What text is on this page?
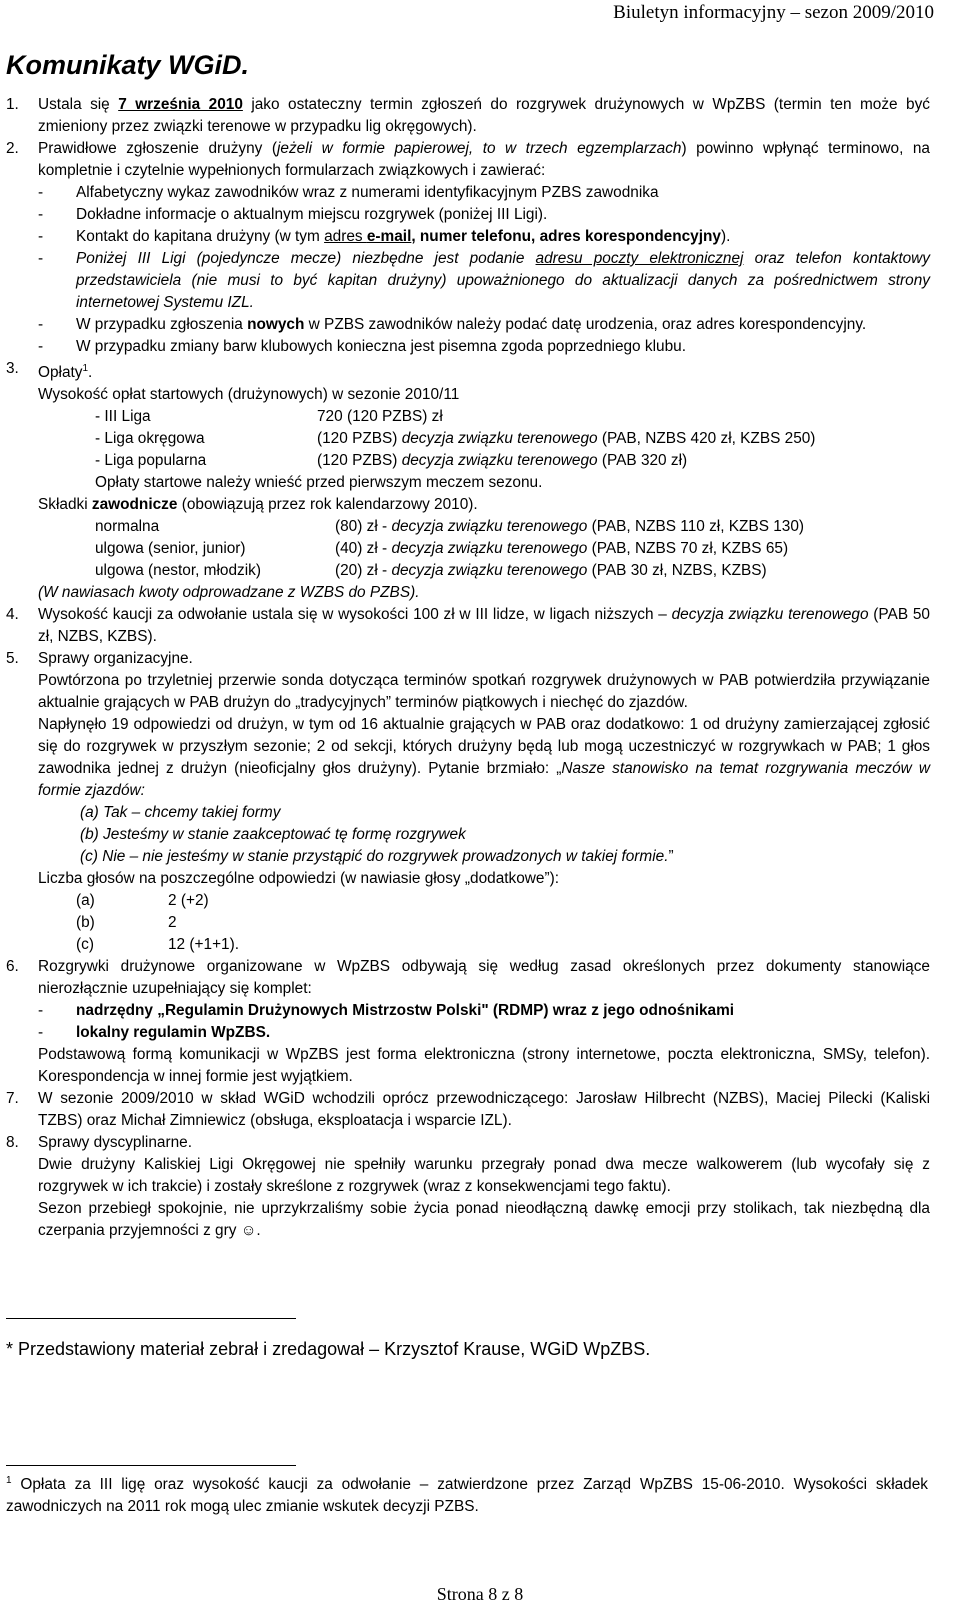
Biuletyn informacyjny – sezon 2009/2010
Komunikaty WGiD.
1. Ustala się 7 września 2010 jako ostateczny termin zgłoszeń do rozgrywek drużynowych w WpZBS (termin ten może być zmieniony przez związki terenowe w przypadku lig okręgowych).
2. Prawidłowe zgłoszenie drużyny (jeżeli w formie papierowej, to w trzech egzemplarzach) powinno wpłynąć terminowo, na kompletnie i czytelnie wypełnionych formularzach związkowych i zawierać:

- Alfabetyczny wykaz zawodników wraz z numerami identyfikacyjnym PZBS zawodnika
- Dokładne informacje o aktualnym miejscu rozgrywek (poniżej III Ligi).
- Kontakt do kapitana drużyny (w tym adres e-mail, numer telefonu, adres korespondencyjny).
- Poniżej III Ligi (pojedyncze mecze) niezbędne jest podanie adresu poczty elektronicznej oraz telefon kontaktowy przedstawiciela (nie musi to być kapitan drużyny) upoważnionego do aktualizacji danych za pośrednictwem strony internetowej Systemu IZL.
- W przypadku zgłoszenia nowych w PZBS zawodników należy podać datę urodzenia, oraz adres korespondencyjny.
- W przypadku zmiany barw klubowych konieczna jest pisemna zgoda poprzedniego klubu.
3. Opłaty$^1$.

Wysokość opłat startowych (drużynowych) w sezonie 2010/11

- III Liga	720 (120 PZBS) zł
- Liga okręgowa	(120 PZBS) decyzja związku terenowego (PAB, NZBS 420 zł, KZBS 250)
- Liga popularna	(120 PZBS) decyzja związku terenowego (PAB 320 zł)

Opłaty startowe należy wnieść przed pierwszym meczem sezonu.

Składki zawodnicze (obowiązują przez rok kalendarzowy 2010).

normalna	(80) zł - decyzja związku terenowego (PAB, NZBS 110 zł, KZBS 130)
ulgowa (senior, junior)	(40) zł - decyzja związku terenowego (PAB, NZBS 70 zł, KZBS 65)
ulgowa (nestor, młodzik)	(20) zł - decyzja związku terenowego (PAB 30 zł, NZBS, KZBS)

(W nawiasach kwoty odprowadzane z WZBS do PZBS).

4. Wysokość kaucji za odwołanie ustala się w wysokości 100 zł w III lidze, w ligach niższych – decyzja związku terenowego (PAB 50 zł, NZBS, KZBS).
5. Sprawy organizacyjne.

Powtórzona po trzyletniej przerwie sonda dotycząca terminów spotkań rozgrywek drużynowych w PAB potwierdziła przywiązanie aktualnie grających w PAB drużyn do „tradycyjnych” terminów piątkowych i niechęć do zjazdów.

Napłynęło 19 odpowiedzi od drużyn, w tym od 16 aktualnie grających w PAB oraz dodatkowo: 1 od drużyny zamierzającej zgłosić się do rozgrywek w przyszłym sezonie; 2 od sekcji, których drużyny będą lub mogą uczestniczyć w rozgrywkach w PAB; 1 głos zawodnika jednej z drużyn (nieoficjalny głos drużyny). Pytanie brzmiało: „Nasze stanowisko na temat rozgrywania meczów w formie zjazdów:

(a) Tak – chcemy takiej formy

(b) Jesteśmy w stanie zaakceptować tę formę rozgrywek

(c) Nie – nie jesteśmy w stanie przystąpić do rozgrywek prowadzonych w takiej formie.”

Liczba głosów na poszczególne odpowiedzi (w nawiasie głosy „dodatkowe”):

(a)	2 (+2)
(b)	2
(c)	12 (+1+1).
6. Rozgrywki drużynowe organizowane w WpZBS odbywają się według zasad określonych przez dokumenty stanowiące nierozłącznie uzupełniający się komplet:

- nadrzędny „Regulamin Drużynowych Mistrzostw Polski" (RDMP) wraz z jego odnośnikami
- lokalny regulamin WpZBS.

Podstawową formą komunikacji w WpZBS jest forma elektroniczna (strony internetowe, poczta elektroniczna, SMSy, telefon). Korespondencja w innej formie jest wyjątkiem.

7. W sezonie 2009/2010 w skład WGiD wchodzili oprócz przewodniczącego: Jarosław Hilbrecht (NZBS), Maciej Pilecki (Kaliski TZBS) oraz Michał Zimniewicz (obsługa, eksploatacja i wsparcie IZL).

8. Sprawy dyscyplinarne.

Dwie drużyny Kaliskiej Ligi Okręgowej nie spełniły warunku przegrały ponad dwa mecze walkowerem (lub wycofały się z rozgrywek w ich trakcie) i zostały skreślone z rozgrywek (wraz z konsekwencjami tego faktu).

Sezon przebiegł spokojnie, nie uprzykrzaliśmy sobie życia ponad nieodłączną dawkę emocji przy stolikach, tak niezbędną dla czerpania przyjemności z gry ☺.

* Przedstawiony materiał zebrał i zredagował – Krzysztof Krause, WGiD WpZBS.
$^1$ Opłata za III ligę oraz wysokość kaucji za odwołanie – zatwierdzone przez Zarząd WpZBS 15-06-2010. Wysokości składek zawodniczych na 2011 rok mogą ulec zmianie wskutek decyzji PZBS.
Strona 8 z 8
